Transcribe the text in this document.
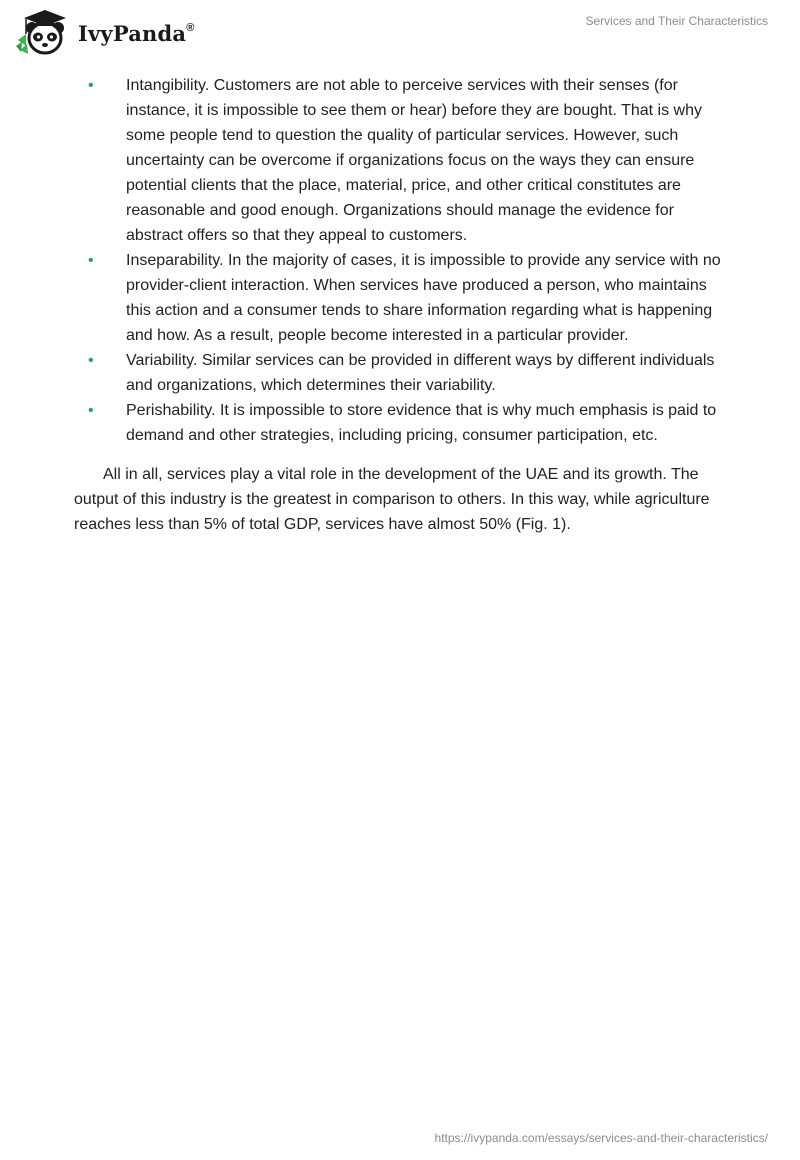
IvyPanda®	Services and Their Characteristics
• Intangibility. Customers are not able to perceive services with their senses (for instance, it is impossible to see them or hear) before they are bought. That is why some people tend to question the quality of particular services. However, such uncertainty can be overcome if organizations focus on the ways they can ensure potential clients that the place, material, price, and other critical constitutes are reasonable and good enough. Organizations should manage the evidence for abstract offers so that they appeal to customers.
• Inseparability. In the majority of cases, it is impossible to provide any service with no provider-client interaction. When services have produced a person, who maintains this action and a consumer tends to share information regarding what is happening and how. As a result, people become interested in a particular provider.
• Variability. Similar services can be provided in different ways by different individuals and organizations, which determines their variability.
• Perishability. It is impossible to store evidence that is why much emphasis is paid to demand and other strategies, including pricing, consumer participation, etc.

All in all, services play a vital role in the development of the UAE and its growth. The output of this industry is the greatest in comparison to others. In this way, while agriculture reaches less than 5% of total GDP, services have almost 50% (Fig. 1).

https://ivypanda.com/essays/services-and-their-characteristics/
